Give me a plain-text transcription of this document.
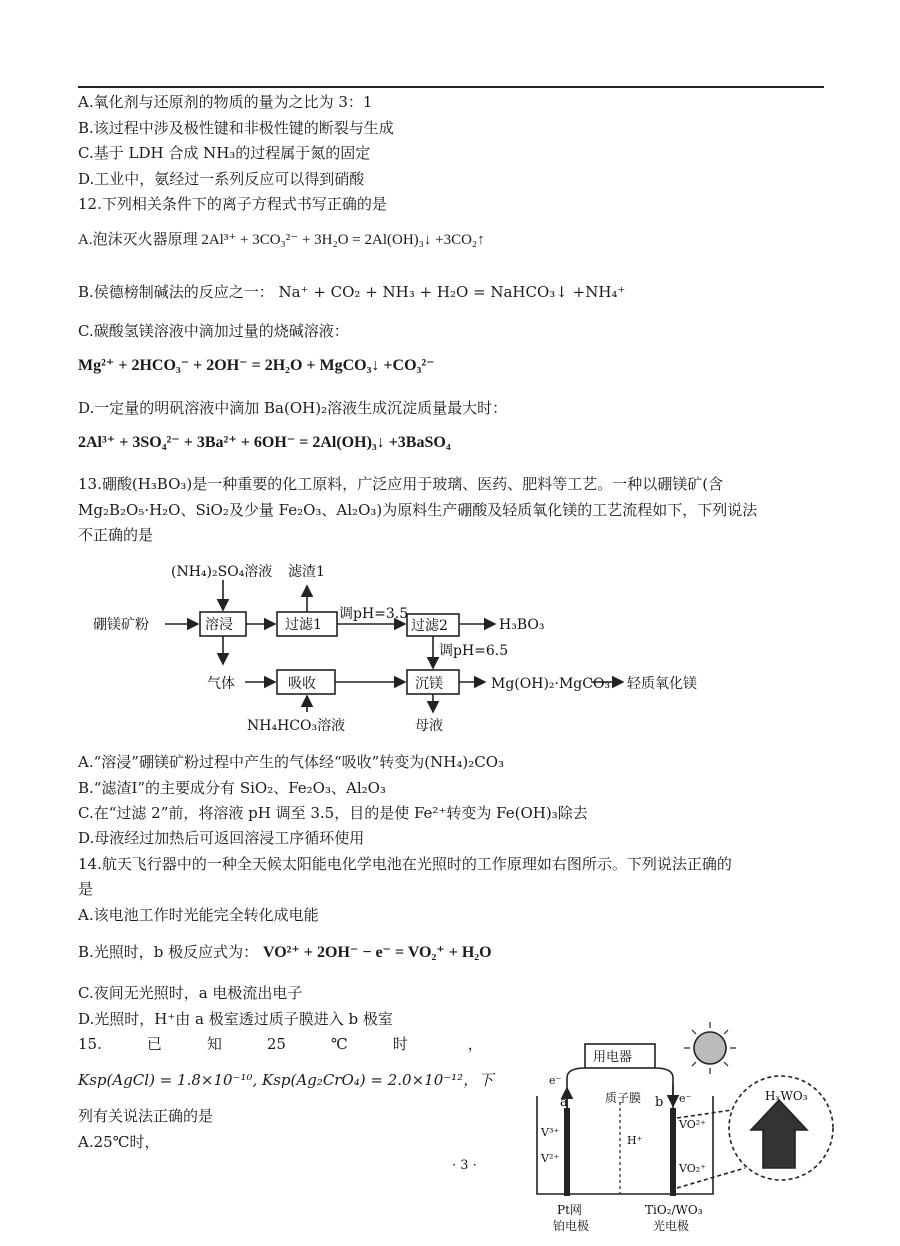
A.氧化剂与还原剂的物质的量为之比为 3：1
B.该过程中涉及极性键和非极性键的断裂与生成
C.基于 LDH 合成 NH₃的过程属于氮的固定
D.工业中，氨经过一系列反应可以得到硝酸
12.下列相关条件下的离子方程式书写正确的是
A.泡沫灭火器原理 2Al³⁺ + 3CO₃²⁻ + 3H₂O = 2Al(OH)₃↓ +3CO₂↑
B.侯德榜制碱法的反应之一： Na⁺ + CO₂ + NH₃ + H₂O = NaHCO₃↓ +NH₄⁺
C.碳酸氢镁溶液中滴加过量的烧碱溶液：
Mg²⁺ + 2HCO₃⁻ + 2OH⁻ = 2H₂O + MgCO₃↓ +CO₃²⁻
D.一定量的明矾溶液中滴加 Ba(OH)₂溶液生成沉淀质量最大时：
2Al³⁺ + 3SO₄²⁻ + 3Ba²⁺ + 6OH⁻ = 2Al(OH)₃↓ +3BaSO₄
13.硼酸(H₃BO₃)是一种重要的化工原料，广泛应用于玻璃、医药、肥料等工艺。一种以硼镁矿(含
Mg₂B₂O₅·H₂O、SiO₂及少量 Fe₂O₃、Al₂O₃)为原料生产硼酸及轻质氧化镁的工艺流程如下，下列说法
不正确的是
(NH₄)₂SO₄溶液 滤渣1
硼镁矿粉	溶浸	过滤1
调pH=3.5
过滤2	H₃BO₃
调pH=6.5
气体	吸收	沉镁	Mg(OH)₂·MgCO₃ 轻质氧化镁
NH₄HCO₃溶液	母液
A.“溶浸”硼镁矿粉过程中产生的气体经“吸收”转变为(NH₄)₂CO₃
B.“滤渣Ⅰ”的主要成分有 SiO₂、Fe₂O₃、Al₂O₃
C.在“过滤 2”前，将溶液 pH 调至 3.5，目的是使 Fe²⁺转变为 Fe(OH)₃除去
D.母液经过加热后可返回溶浸工序循环使用
14.航天飞行器中的一种全天候太阳能电化学电池在光照时的工作原理如右图所示。下列说法正确的
是
A.该电池工作时光能完全转化成电能
B.光照时，b 极反应式为： VO²⁺ + 2OH⁻ − e⁻ = VO₂⁺ + H₂O
C.夜间无光照时，a 电极流出电子
D.光照时，H⁺由 a 极室透过质子膜进入 b 极室
15.　　　已　　　知　　　25　　　℃　　　时　　　　，
Ksp(AgCl) = 1.8×10⁻¹⁰, Ksp(Ag₂CrO₄) = 2.0×10⁻¹²，下
列有关说法正确的是
A.25℃时，
· 3 ·
用电器
a	b
e⁻
e⁻
质子膜
V³⁺
V²⁺
H⁺
VO²⁺
VO₂⁺
HₓWO₃
Pt网
铂电极
TiO₂/WO₃
光电极
